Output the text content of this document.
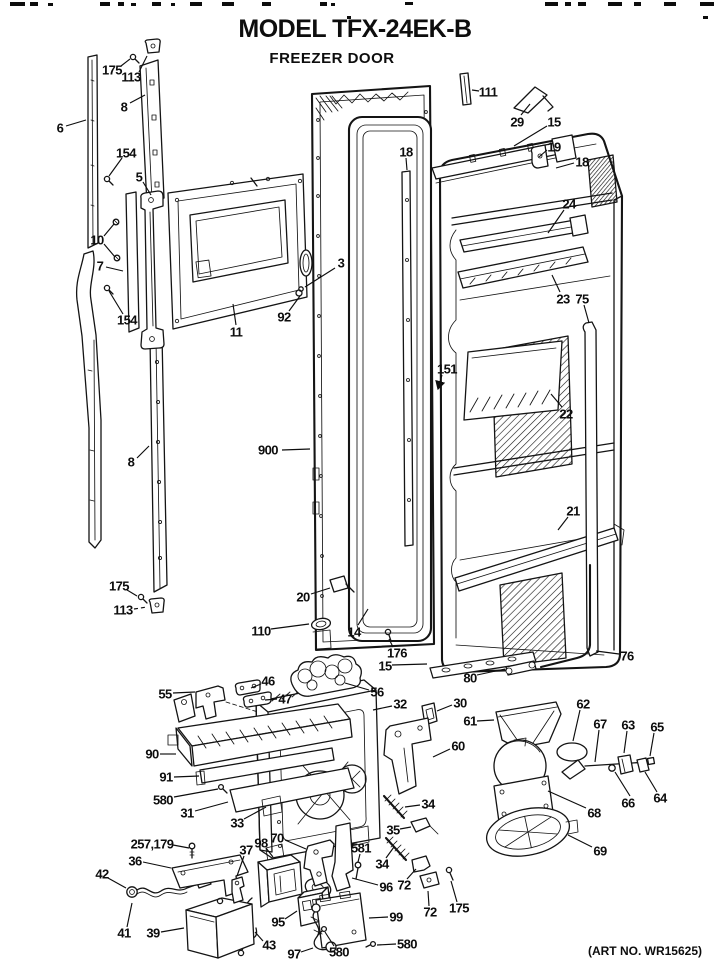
MODEL TFX-24EK-B
FREEZER DOOR
(ART NO. WR15625)
175 113
8
6
154
5
10
7
154
11
92
3
111
29 15
19
18
18
24
23 75
151
22
21
900
8
175
113
20
110	14
176
15
76
80
46
47
55	56
32	30
61
62
67 63 65
60
66 64
68
69
34
35
34
90
91
580
31
33
257,179
36
37 98 70
581
96 72
72 175
42
41 39
95
43
97 580
99
580
